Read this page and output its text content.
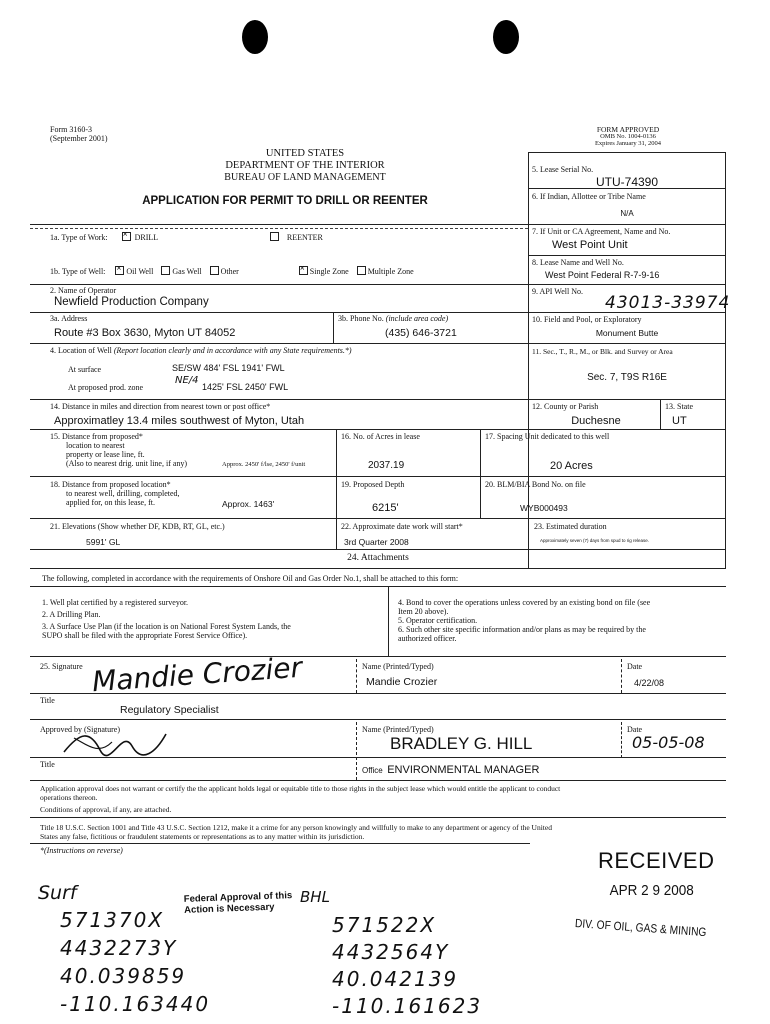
Form 3160-3
(September 2001)
FORM APPROVED
OMB No. 1004-0136
Expires January 31, 2004
UNITED STATES
DEPARTMENT OF THE INTERIOR
BUREAU OF LAND MANAGEMENT
APPLICATION FOR PERMIT TO DRILL OR REENTER
5. Lease Serial No.
UTU-74390
6. If Indian, Allottee or Tribe Name
N/A
7. If Unit or CA Agreement, Name and No.
West Point Unit
8. Lease Name and Well No.
West Point Federal R-7-9-16
9. API Well No.
43013-33974
10. Field and Pool, or Exploratory
Monument Butte
11. Sec., T., R., M., or Blk. and Survey or Area
Sec. 7, T9S R16E
12. County or Parish
Duchesne
13. State
UT
1a. Type of Work: ×	DRILL	REENTER
1b. Type of Well: ×	Oil Well Gas Well Other ×	Single Zone Multiple Zone
2. Name of Operator
Newfield Production Company
3a. Address
Route #3 Box 3630, Myton UT 84052
3b. Phone No. (include area code)
(435) 646-3721
4. Location of Well (Report location clearly and in accordance with any State requirements.*)
At surface	SE/SW 484' FSL 1941' FWL
At proposed prod. zone
NE/4
1425' FSL 2450' FWL
14. Distance in miles and direction from nearest town or post office*
Approximatley 13.4 miles southwest of Myton, Utah
15. Distance from proposed*
location to nearest
property or lease line, ft.
(Also to nearest drig. unit line, if any)	Approx. 2450' f/lse, 2450' f/unit
16. No. of Acres in lease
2037.19
17. Spacing Unit dedicated to this well
20 Acres
18. Distance from proposed location*
to nearest well, drilling, completed,
applied for, on this lease, ft.	Approx. 1463'
19. Proposed Depth
6215'
20. BLM/BIA Bond No. on file
WYB000493
21. Elevations (Show whether DF, KDB, RT, GL, etc.)
5991' GL
22. Approximate date work will start*
3rd Quarter 2008
23. Estimated duration
Approximately seven (7) days from spud to rig release.
24. Attachments
The following, completed in accordance with the requirements of Onshore Oil and Gas Order No.1, shall be attached to this form:
1. Well plat certified by a registered surveyor.
2. A Drilling Plan.
3. A Surface Use Plan (if the location is on National Forest System Lands, the
SUPO shall be filed with the appropriate Forest Service Office).
4. Bond to cover the operations unless covered by an existing bond on file (see
Item 20 above).
5. Operator certification.
6. Such other site specific information and/or plans as may be required by the
authorized officer.
25. Signature Mandie Crozier	Name (Printed/Typed)
Mandie Crozier
Date
4/22/08
Title
Regulatory Specialist
Approved by (Signature)	Name (Printed/Typed)
BRADLEY G. HILL
Date
05-05-08
Title
Office ENVIRONMENTAL MANAGER
Application approval does not warrant or certify the the applicant holds legal or equitable title to those rights in the subject lease which would entitle the applicant to conduct
operations thereon.
Conditions of approval, if any, are attached.
Title 18 U.S.C. Section 1001 and Title 43 U.S.C. Section 1212, make it a crime for any person knowingly and willfully to make to any department or agency of the United
States any false, fictitious or fraudulent statements or representations as to any matter within its jurisdiction.
*(Instructions on reverse)	RECEIVED
APR 2 9 2008
DIV. OF OIL, GAS & MINING
Federal Approval of this
Action is Necessary
BHL
Surf
571370X
4432273Y
40.039859
-110.163440
571522X
4432564Y
40.042139
-110.161623
